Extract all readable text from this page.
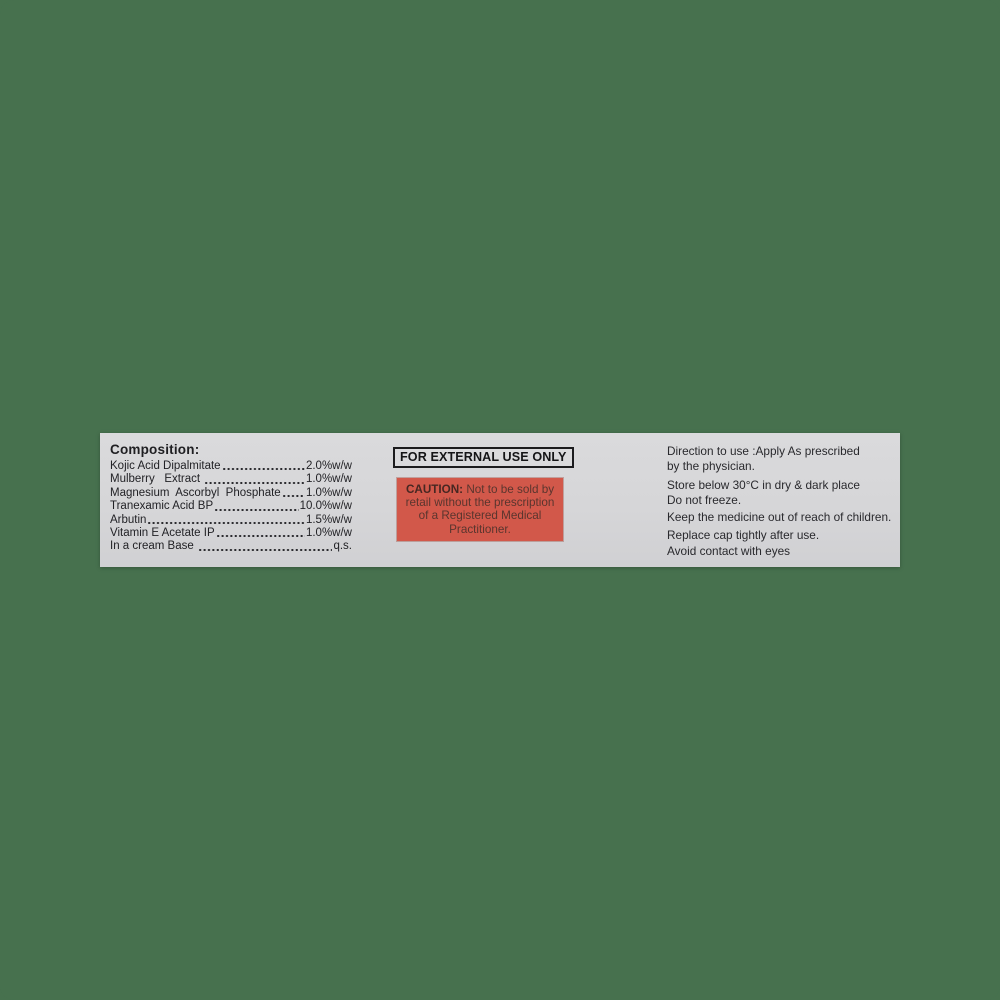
Composition:
Kojic Acid Dipalmitate	2.0%w/w
Mulberry   Extract	1.0%w/w
Magnesium  Ascorbyl  Phosphate 1.0%w/w
Tranexamic Acid BP	10.0%w/w
Arbutin	1.5%w/w
Vitamin E Acetate IP	1.0%w/w
In a cream Base	q.s.
FOR EXTERNAL USE ONLY
CAUTION: Not to be sold by
retail without the prescription
of a Registered Medical
Practitioner.
Direction to use :Apply As prescribed
by the physician.
Store below 30°C in dry & dark place
Do not freeze.
Keep the medicine out of reach of children.
Replace cap tightly after use.
Avoid contact with eyes
